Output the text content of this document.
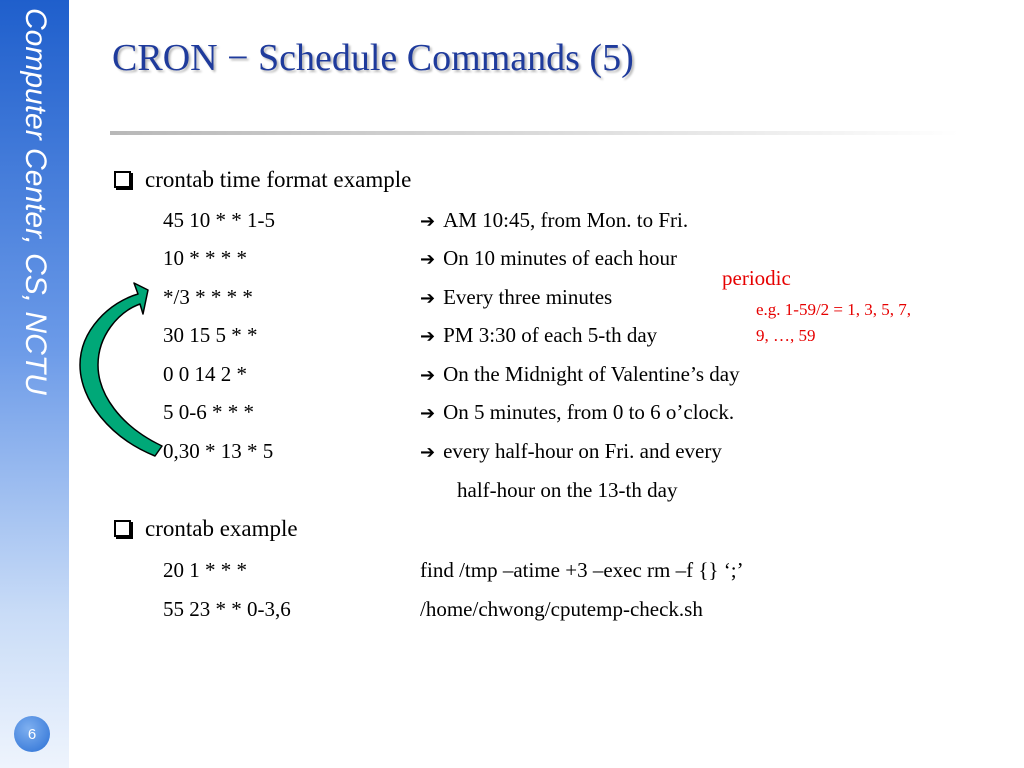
Computer Center, CS, NCTU
6
CRON − Schedule Commands (5)
crontab time format example
45 10 * * 1-5	➔ AM 10:45, from Mon. to Fri.
10 * * * *	➔ On 10 minutes of each hour
*/3 * * * *	➔ Every three minutes
30 15 5 * *	➔ PM 3:30 of each 5-th day
0 0 14 2 *	➔ On the Midnight of Valentine’s day
5 0-6 * * *	➔ On 5 minutes, from 0 to 6 o’clock.
0,30 * 13 * 5	➔ every half-hour on Fri. and every
half-hour on the 13-th day
crontab example
20 1 * * *	find /tmp –atime +3 –exec rm –f {} ‘;’
55 23 * * 0-3,6	/home/chwong/cputemp-check.sh
periodic
e.g. 1-59/2 = 1, 3, 5, 7,
9, …, 59
